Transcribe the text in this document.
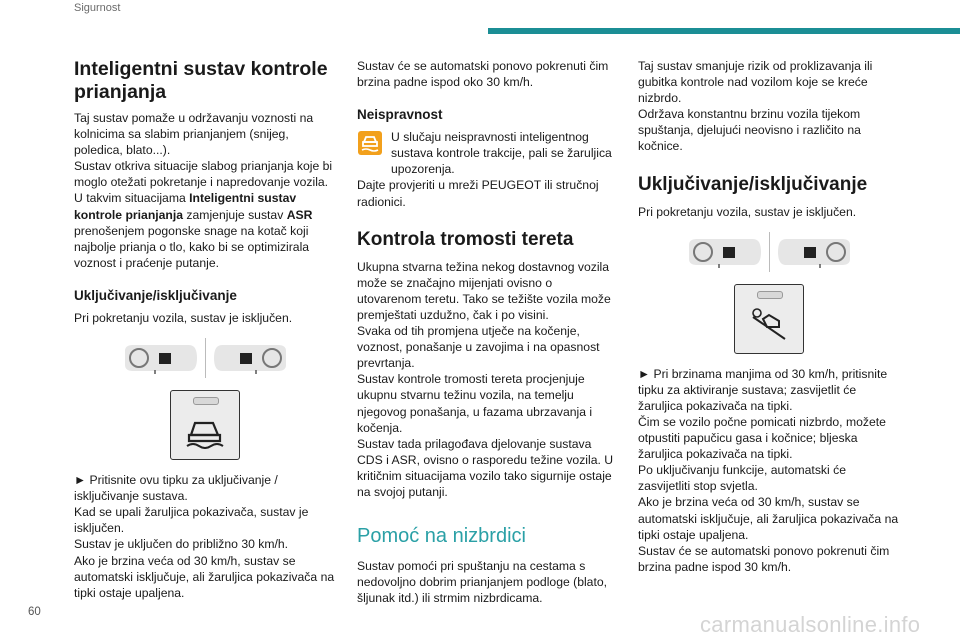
Sigurnost
Inteligentni sustav kontrole prianjanja

Taj sustav pomaže u održavanju voznosti na kolnicima sa slabim prianjanjem (snijeg, poledica, blato...).

Sustav otkriva situacije slabog prianjanja koje bi moglo otežati pokretanje i napredovanje vozila.

U takvim situacijama Inteligentni sustav kontrole prianjanja zamjenjuje sustav ASR prenošenjem pogonske snage na kotač koji najbolje prianja o tlo, kako bi se optimizirala voznost i praćenje putanje.

Uključivanje/isključivanje

Pri pokretanju vozila, sustav je isključen.

► Pritisnite ovu tipku za uključivanje / isključivanje sustava.

Kad se upali žaruljica pokazivača, sustav je isključen.

Sustav je uključen do približno 30 km/h.

Ako je brzina veća od 30 km/h, sustav se automatski isključuje, ali žaruljica pokazivača na tipki ostaje upaljena.

Sustav će se automatski ponovo pokrenuti čim brzina padne ispod oko 30 km/h.

Neispravnost

U slučaju neispravnosti inteligentnog sustava kontrole trakcije, pali se žaruljica upozorenja.

Dajte provjeriti u mreži PEUGEOT ili stručnoj radionici.

Kontrola tromosti tereta

Ukupna stvarna težina nekog dostavnog vozila može se značajno mijenjati ovisno o utovarenom teretu. Tako se težište vozila može premještati uzdužno, čak i po visini.

Svaka od tih promjena utječe na kočenje, voznost, ponašanje u zavojima i na opasnost prevrtanja.

Sustav kontrole tromosti tereta procjenjuje ukupnu stvarnu težinu vozila, na temelju njegovog ponašanja, u fazama ubrzavanja i kočenja.

Sustav tada prilagođava djelovanje sustava CDS i ASR, ovisno o rasporedu težine vozila. U kritičnim situacijama vozilo tako sigurnije ostaje na svojoj putanji.

Pomoć na nizbrdici

Sustav pomoći pri spuštanju na cestama s nedovoljno dobrim prianjanjem podloge (blato, šljunak itd.) ili strmim nizbrdicama.

Taj sustav smanjuje rizik od proklizavanja ili gubitka kontrole nad vozilom koje se kreće nizbrdo.

Održava konstantnu brzinu vozila tijekom spuštanja, djelujući neovisno i različito na kočnice.

Uključivanje/isključivanje

Pri pokretanju vozila, sustav je isključen.

► Pri brzinama manjima od 30 km/h, pritisnite tipku za aktiviranje sustava; zasvijetlit će žaruljica pokazivača na tipki.

Čim se vozilo počne pomicati nizbrdo, možete otpustiti papučicu gasa i kočnice; bljeska žaruljica pokazivača na tipki.

Po uključivanju funkcije, automatski će zasvijetliti stop svjetla.

Ako je brzina veća od 30 km/h, sustav se automatski isključuje, ali žaruljica pokazivača na tipki ostaje upaljena.

Sustav će se automatski ponovo pokrenuti čim brzina padne ispod 30 km/h.

60	carmanualsonline.info
